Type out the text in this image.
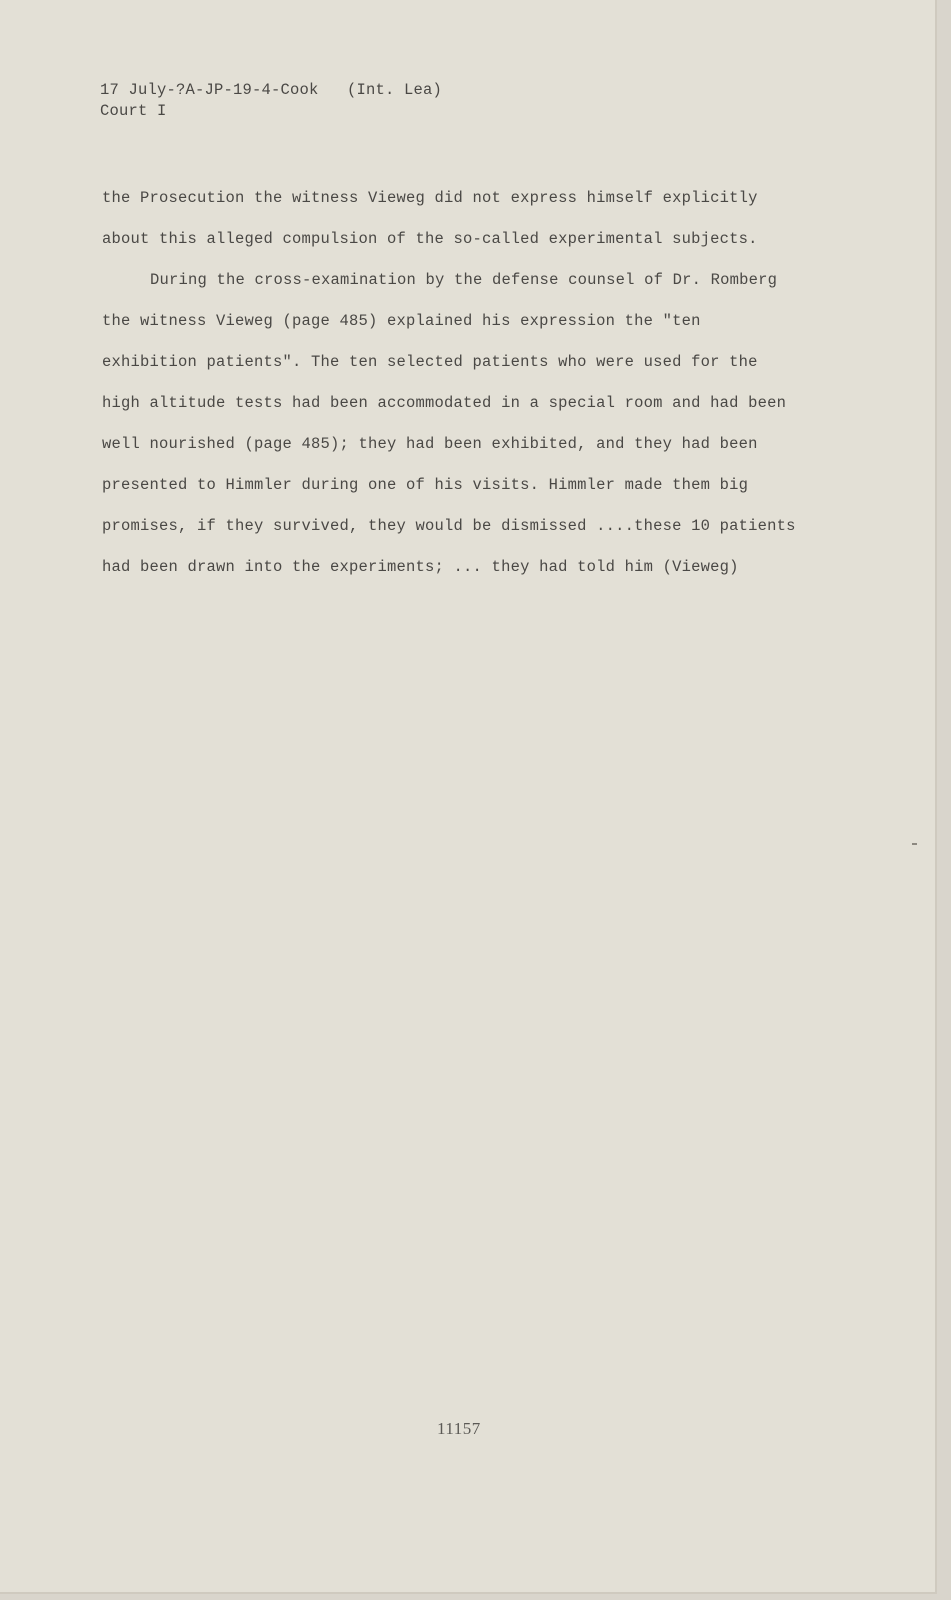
17 July-?A-JP-19-4-Cook   (Int. Lea)
Court I
the Prosecution the witness Vieweg did not express himself explicitly
about this alleged compulsion of the so-called experimental subjects.
During the cross-examination by the defense counsel of Dr. Romberg
the witness Vieweg (page 485) explained his expression the "ten
exhibition patients". The ten selected patients who were used for the
high altitude tests had been accommodated in a special room and had been
well nourished (page 485); they had been exhibited, and they had been
presented to Himmler during one of his visits. Himmler made them big
promises, if they survived, they would be dismissed ....these 10 patients
had been drawn into the experiments; ... they had told him (Vieweg)
11157
